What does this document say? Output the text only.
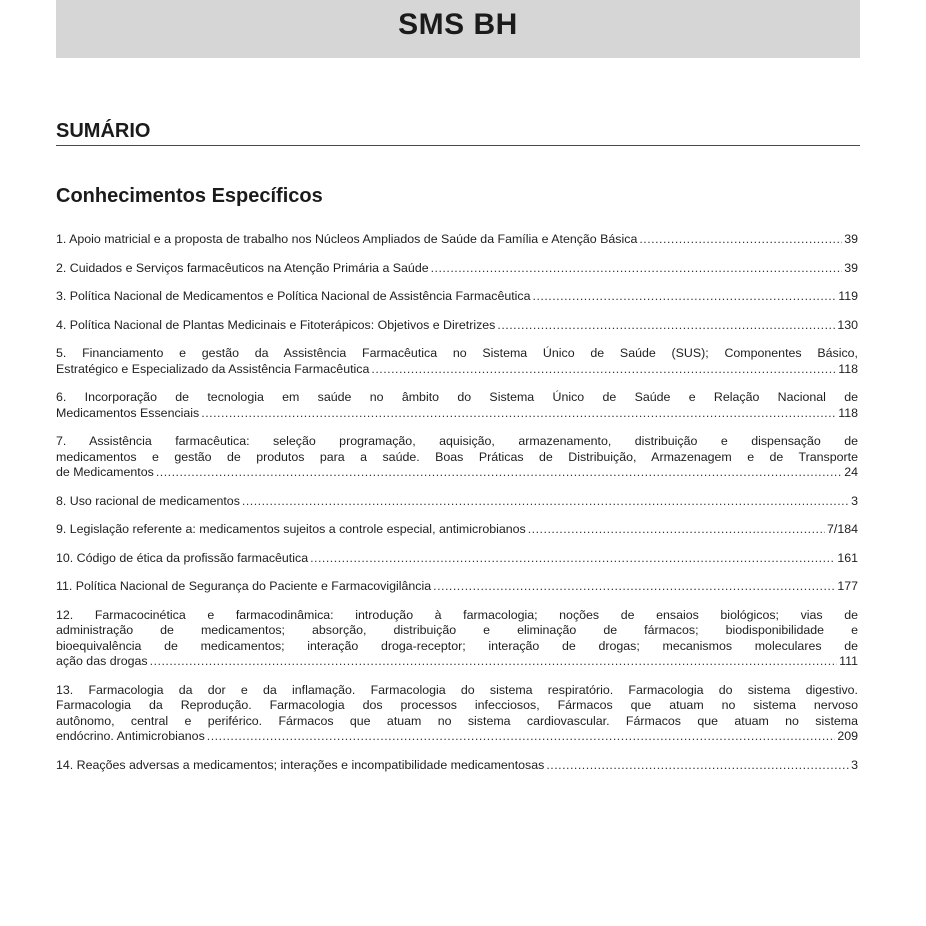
SMS BH
SUMÁRIO
Conhecimentos Específicos
1. Apoio matricial e a proposta de trabalho nos Núcleos Ampliados de Saúde da Família e Atenção Básica .....	39
2. Cuidados e Serviços farmacêuticos na Atenção Primária a Saúde .....	39
3. Política Nacional de Medicamentos e Política Nacional de Assistência Farmacêutica .....	119
4. Política Nacional de Plantas Medicinais e Fitoterápicos: Objetivos e Diretrizes .....	130
5. Financiamento e gestão da Assistência Farmacêutica no Sistema Único de Saúde (SUS); Componentes Básico,
Estratégico e Especializado da Assistência Farmacêutica .....	118
6. Incorporação de tecnologia em saúde no âmbito do Sistema Único de Saúde e Relação Nacional de
Medicamentos Essenciais .....	118
7. Assistência farmacêutica: seleção programação, aquisição, armazenamento, distribuição e dispensação de
medicamentos e gestão de produtos para a saúde. Boas Práticas de Distribuição, Armazenagem e de Transporte
de Medicamentos .....	24
8. Uso racional de medicamentos .....	3
9. Legislação referente a: medicamentos sujeitos a controle especial, antimicrobianos .....	7/184
10. Código de ética da profissão farmacêutica .....	161
11. Política Nacional de Segurança do Paciente e Farmacovigilância .....	177
12. Farmacocinética e farmacodinâmica: introdução à farmacologia; noções de ensaios biológicos; vias de
administração de medicamentos; absorção, distribuição e eliminação de fármacos; biodisponibilidade e
bioequivalência de medicamentos; interação droga-receptor; interação de drogas; mecanismos moleculares de
ação das drogas .....	111
13. Farmacologia da dor e da inflamação. Farmacologia do sistema respiratório. Farmacologia do sistema digestivo.
Farmacologia da Reprodução. Farmacologia dos processos infecciosos, Fármacos que atuam no sistema nervoso
autônomo, central e periférico. Fármacos que atuam no sistema cardiovascular. Fármacos que atuam no sistema
endócrino. Antimicrobianos .....	209
14. Reações adversas a medicamentos; interações e incompatibilidade medicamentosas .....	3
